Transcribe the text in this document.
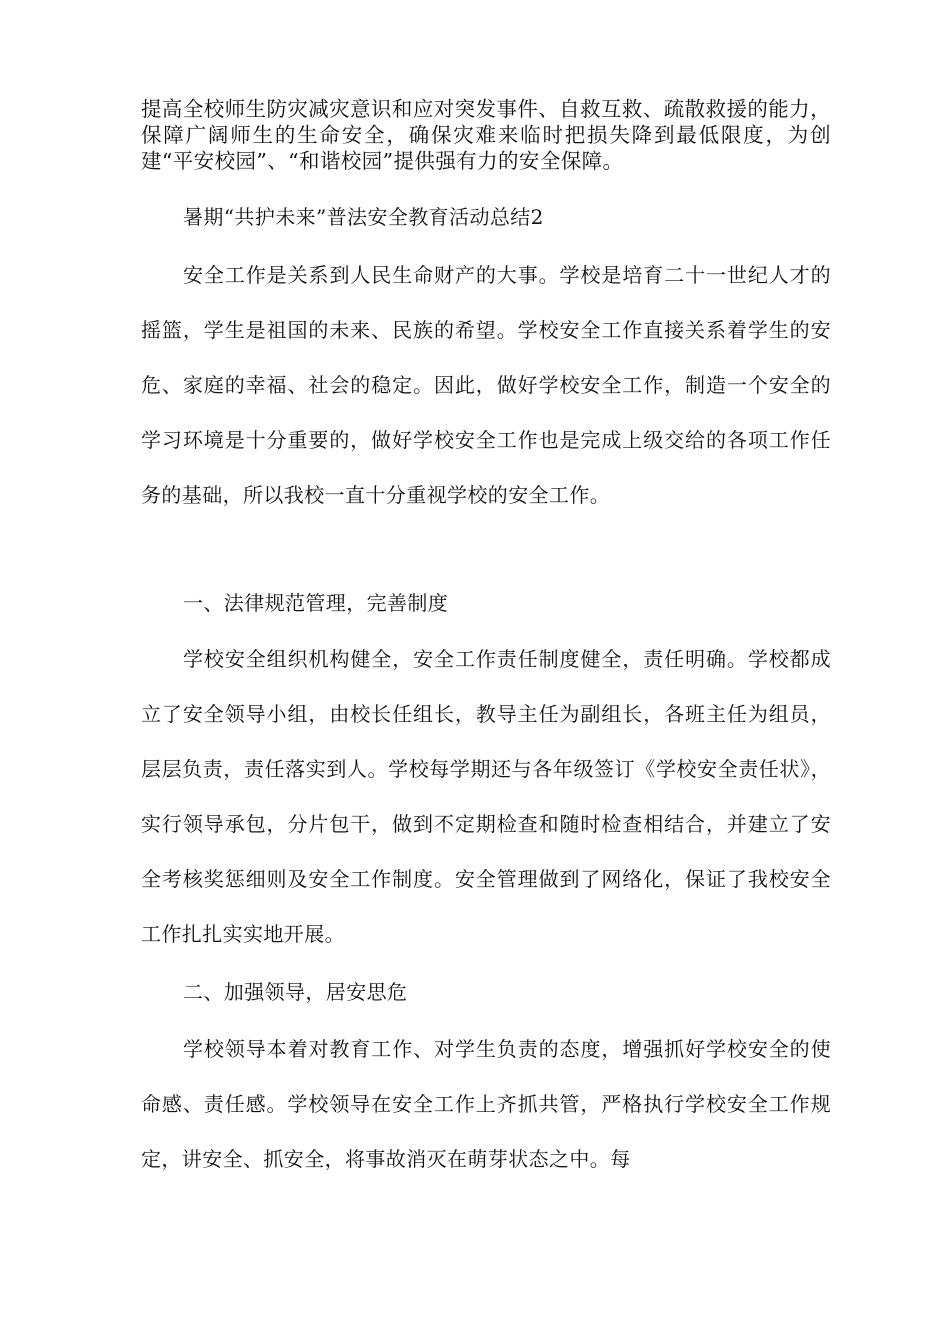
提高全校师生防灾减灾意识和应对突发事件、自救互救、疏散救援的能力，保障广阔师生的生命安全，确保灾难来临时把损失降到最低限度，为创建“平安校园”、“和谐校园”提供强有力的安全保障。

暑期“共护未来”普法安全教育活动总结2

安全工作是关系到人民生命财产的大事。学校是培育二十一世纪人才的摇篮，学生是祖国的未来、民族的希望。学校安全工作直接关系着学生的安危、家庭的幸福、社会的稳定。因此，做好学校安全工作，制造一个安全的学习环境是十分重要的，做好学校安全工作也是完成上级交给的各项工作任务的基础，所以我校一直十分重视学校的安全工作。

一、法律规范管理，完善制度

学校安全组织机构健全，安全工作责任制度健全，责任明确。学校都成立了安全领导小组，由校长任组长，教导主任为副组长，各班主任为组员，层层负责，责任落实到人。学校每学期还与各年级签订《学校安全责任状》，实行领导承包，分片包干，做到不定期检查和随时检查相结合，并建立了安全考核奖惩细则及安全工作制度。安全管理做到了网络化，保证了我校安全工作扎扎实实地开展。

二、加强领导，居安思危

学校领导本着对教育工作、对学生负责的态度，增强抓好学校安全的使命感、责任感。学校领导在安全工作上齐抓共管，严格执行学校安全工作规定，讲安全、抓安全，将事故消灭在萌芽状态之中。每
